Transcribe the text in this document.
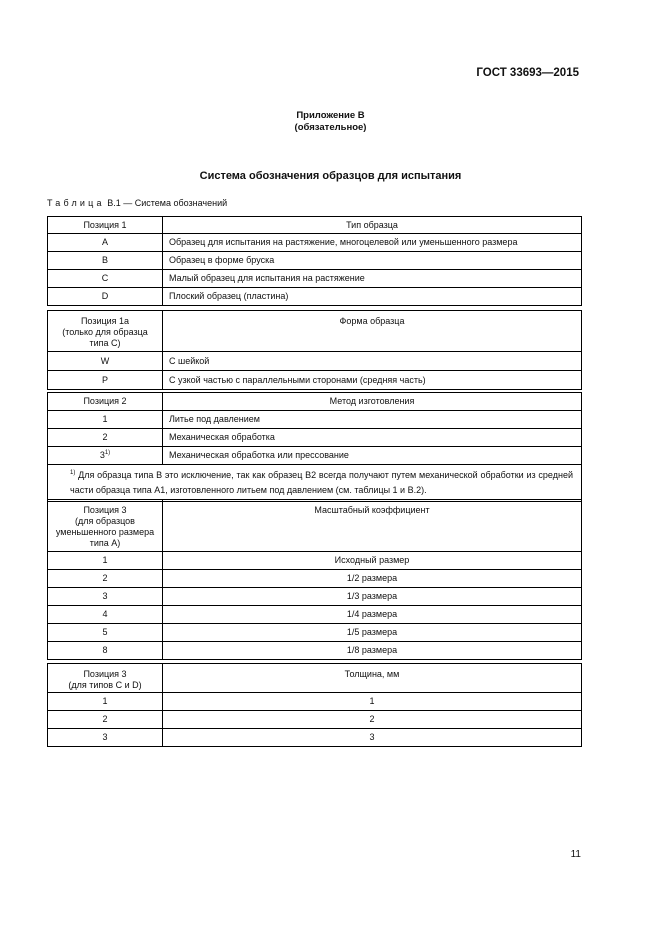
ГОСТ 33693—2015
Приложение В
(обязательное)
Система обозначения образцов для испытания
Таблица В.1 — Система обозначений
Позиция 1	Тип образца
A	Образец для испытания на растяжение, многоцелевой или уменьшенного размера
B	Образец в форме бруска
C	Малый образец для испытания на растяжение
D	Плоский образец (пластина)
Позиция 1а
(только для образца
типа С)	Форма образца
W	С шейкой
P	С узкой частью с параллельными сторонами (средняя часть)
Позиция 2	Метод изготовления
1	Литье под давлением
2	Механическая обработка
3$^{1)}$	Механическая обработка или прессование
$^{1)}$ Для образца типа В это исключение, так как образец В2 всегда получают путем механической обработки из средней части образца типа А1, изготовленного литьем под давлением (см. таблицы 1 и В.2).	
Позиция 3
(для образцов
уменьшенного размера
типа А)	Масштабный коэффициент
1	Исходный размер
2	1/2 размера
3	1/3 размера
4	1/4 размера
5	1/5 размера
8	1/8 размера
Позиция 3
(для типов С и D)	Толщина, мм
1	1
2	2
3	3
11
